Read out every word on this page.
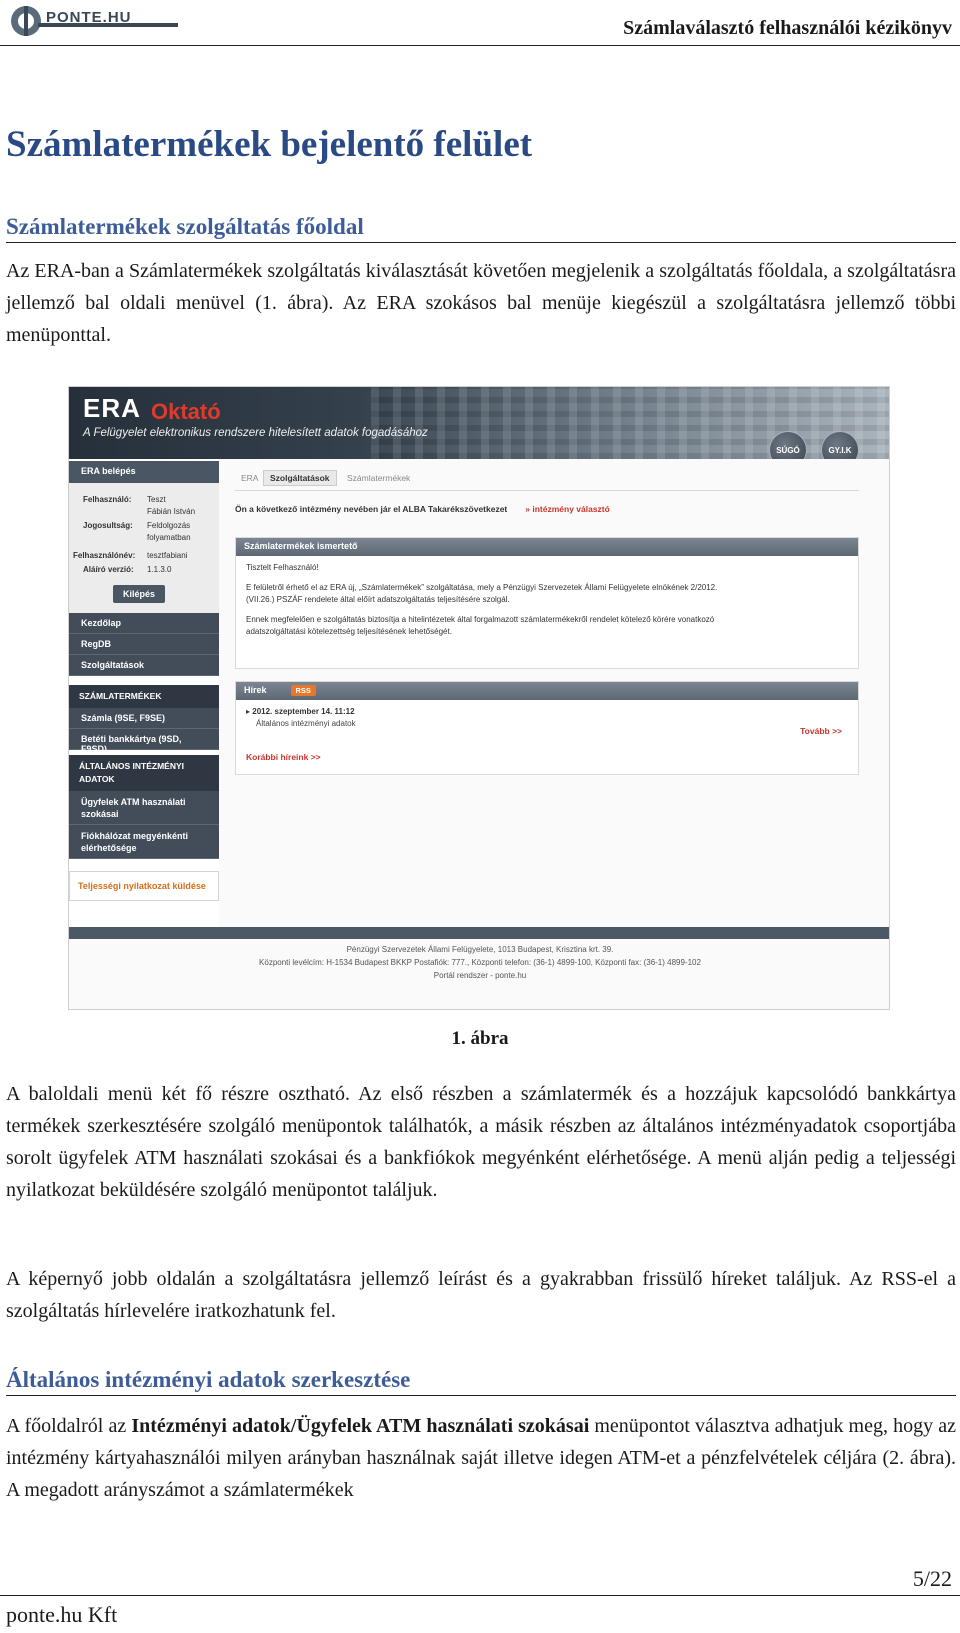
PONTE.HU	Számlaválasztó felhasználói kézikönyv
Számlatermékek bejelentő felület
Számlatermékek szolgáltatás főoldal
Az ERA-ban a Számlatermékek szolgáltatás kiválasztását követően megjelenik a szolgáltatás főoldala, a szolgáltatásra jellemző bal oldali menüvel (1. ábra). Az ERA szokásos bal menüje kiegészül a szolgáltatásra jellemző többi menüponttal.
ERA Oktató
A Felügyelet elektronikus rendszere hitelesített adatok fogadásához
SÚGÓ	GY.I.K
ERA belépés
Felhasználó: Teszt
Fábián István
Jogosultság: Feldolgozás
folyamatban
Felhasználónév: tesztfabiani
Aláíró verzió: 1.1.3.0
Kilépés
Kezdőlap
RegDB
Szolgáltatások
SZÁMLATERMÉKEK
Számla (9SE, F9SE)
Betéti bankkártya (9SD, F9SD)
ÁLTALÁNOS INTÉZMÉNYI
ADATOK
Ügyfelek ATM használati
szokásai
Fiókhálózat megyénkénti
elérhetősége
Teljességi nyilatkozat küldése
ERA	Szolgáltatások	Számlatermékek
Ön a következő intézmény nevében jár el ALBA Takarékszövetkezet » intézmény választó
Számlatermékek ismertető
Tisztelt Felhasználó!
E felületről érhető el az ERA új, „Számlatermékek” szolgáltatása, mely a Pénzügyi Szervezetek Állami Felügyelete elnökének 2/2012.
(VII.26.) PSZÁF rendelete által előírt adatszolgáltatás teljesítésére szolgál.
Ennek megfelelően e szolgáltatás biztosítja a hitelintézetek által forgalmazott számlatermékekről rendelet kötelező körére vonatkozó
adatszolgáltatási kötelezettség teljesítésének lehetőségét.
Hírek	RSS
▸ 2012. szeptember 14. 11:12
Általános intézményi adatok
Tovább >>
Korábbi híreink >>
Pénzügyi Szervezetek Állami Felügyelete, 1013 Budapest, Krisztina krt. 39.
Központi levélcím: H-1534 Budapest BKKP Postafiók: 777., Központi telefon: (36-1) 4899-100, Központi fax: (36-1) 4899-102
Portál rendszer - ponte.hu
1. ábra
A baloldali menü két fő részre osztható. Az első részben a számlatermék és a hozzájuk kapcsolódó bankkártya termékek szerkesztésére szolgáló menüpontok találhatók, a másik részben az általános intézményadatok csoportjába sorolt ügyfelek ATM használati szokásai és a bankfiókok megyénként elérhetősége. A menü alján pedig a teljességi nyilatkozat beküldésére szolgáló menüpontot találjuk.
A képernyő jobb oldalán a szolgáltatásra jellemző leírást és a gyakrabban frissülő híreket találjuk. Az RSS-el a szolgáltatás hírlevelére iratkozhatunk fel.
Általános intézményi adatok szerkesztése
A főoldalról az Intézményi adatok/Ügyfelek ATM használati szokásai menüpontot választva adhatjuk meg, hogy az intézmény kártyahasználói milyen arányban használnak saját illetve idegen ATM-et a pénzfelvételek céljára (2. ábra). A megadott arányszámot a számlatermékek
5/22
ponte.hu Kft
